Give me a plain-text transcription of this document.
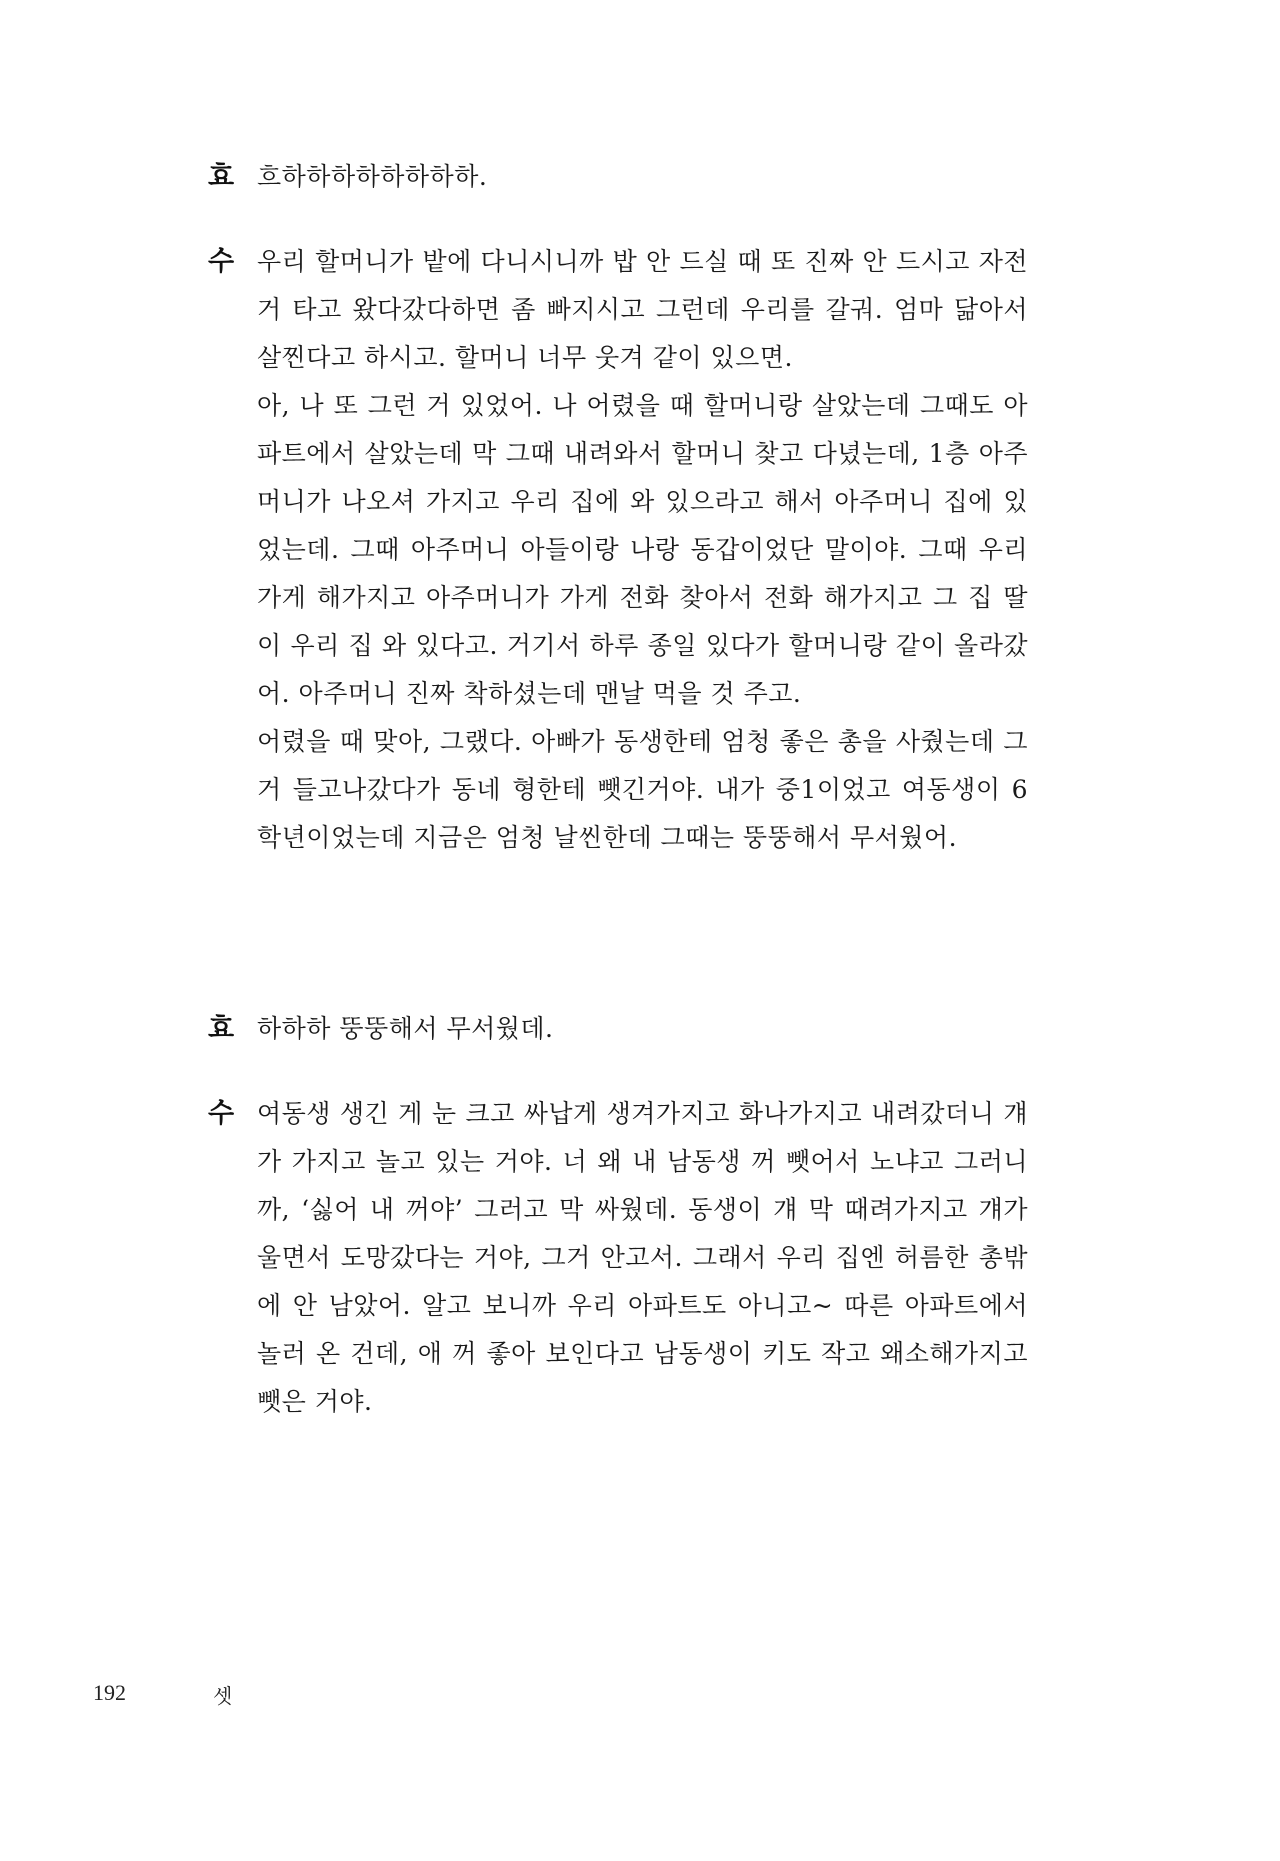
효 흐하하하하하하하하.

수 우리 할머니가 밭에 다니시니까 밥 안 드실 때 또 진짜 안 드시고 자전거 타고 왔다갔다하면 좀 빠지시고 그런데 우리를 갈궈. 엄마 닮아서 살찐다고 하시고. 할머니 너무 웃겨 같이 있으면.

아, 나 또 그런 거 있었어. 나 어렸을 때 할머니랑 살았는데 그때도 아파트에서 살았는데 막 그때 내려와서 할머니 찾고 다녔는데, 1층 아주머니가 나오셔 가지고 우리 집에 와 있으라고 해서 아주머니 집에 있었는데. 그때 아주머니 아들이랑 나랑 동갑이었단 말이야. 그때 우리 가게 해가지고 아주머니가 가게 전화 찾아서 전화 해가지고 그 집 딸이 우리 집 와 있다고. 거기서 하루 종일 있다가 할머니랑 같이 올라갔어. 아주머니 진짜 착하셨는데 맨날 먹을 것 주고.

어렸을 때 맞아, 그랬다. 아빠가 동생한테 엄청 좋은 총을 사줬는데 그거 들고나갔다가 동네 형한테 뺏긴거야. 내가 중1이었고 여동생이 6학년이었는데 지금은 엄청 날씬한데 그때는 뚱뚱해서 무서웠어.

효 하하하 뚱뚱해서 무서웠데.

수 여동생 생긴 게 눈 크고 싸납게 생겨가지고 화나가지고 내려갔더니 걔가 가지고 놀고 있는 거야. 너 왜 내 남동생 꺼 뺏어서 노냐고 그러니까, ‘싫어 내 꺼야’ 그러고 막 싸웠데. 동생이 걔 막 때려가지고 걔가 울면서 도망갔다는 거야, 그거 안고서. 그래서 우리 집엔 허름한 총밖에 안 남았어. 알고 보니까 우리 아파트도 아니고~ 따른 아파트에서 놀러 온 건데, 애 꺼 좋아 보인다고 남동생이 키도 작고 왜소해가지고 뺏은 거야.

192	셋
